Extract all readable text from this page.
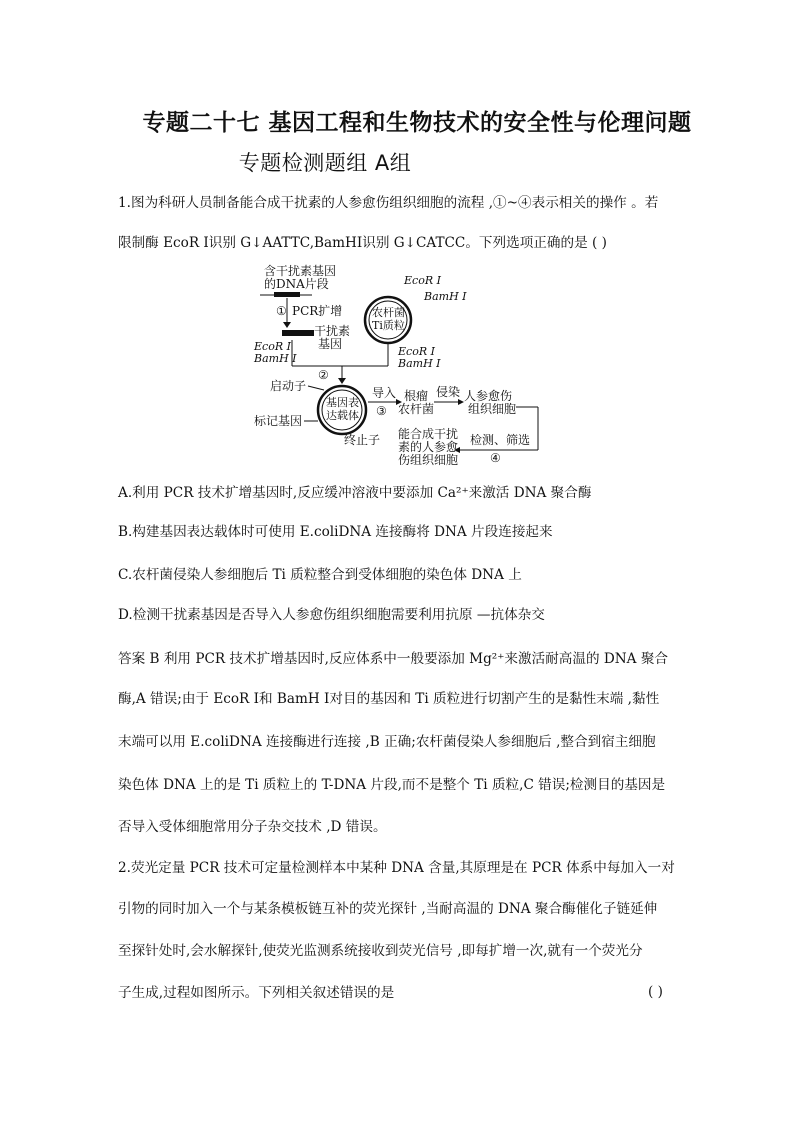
专题二十七 基因工程和生物技术的安全性与伦理问题
专题检测题组 A组
1.图为科研人员制备能合成干扰素的人参愈伤组织细胞的流程 ,①~④表示相关的操作 。若
限制酶 EcoR Ⅰ识别 G↓AATTC,BamHⅠ识别 G↓CATCC。下列选项正确的是 ( )
含干扰素基因
的DNA片段
① PCR扩增
干扰素
基因
EcoR Ⅰ
BamH Ⅰ
农杆菌
Ti质粒
EcoR Ⅰ
BamH Ⅰ
EcoR Ⅰ
BamH Ⅰ
②
基因表
达载体
启动子
标记基因
终止子
导入
③
根瘤
农杆菌
侵染 人参愈伤
组织细胞
检测、筛选
④
能合成干扰
素的人参愈
伤组织细胞
A.利用 PCR 技术扩增基因时,反应缓冲溶液中要添加 Ca²⁺来激活 DNA 聚合酶
B.构建基因表达载体时可使用 E.coliDNA 连接酶将 DNA 片段连接起来
C.农杆菌侵染人参细胞后 Ti 质粒整合到受体细胞的染色体 DNA 上
D.检测干扰素基因是否导入人参愈伤组织细胞需要利用抗原 —抗体杂交
答案 B 利用 PCR 技术扩增基因时,反应体系中一般要添加 Mg²⁺来激活耐高温的 DNA 聚合
酶,A 错误;由于 EcoR Ⅰ和 BamH Ⅰ对目的基因和 Ti 质粒进行切割产生的是黏性末端 ,黏性
末端可以用 E.coliDNA 连接酶进行连接 ,B 正确;农杆菌侵染人参细胞后 ,整合到宿主细胞
染色体 DNA 上的是 Ti 质粒上的 T-DNA 片段,而不是整个 Ti 质粒,C 错误;检测目的基因是
否导入受体细胞常用分子杂交技术 ,D 错误。
2.荧光定量 PCR 技术可定量检测样本中某种 DNA 含量,其原理是在 PCR 体系中每加入一对
引物的同时加入一个与某条模板链互补的荧光探针 ,当耐高温的 DNA 聚合酶催化子链延伸
至探针处时,会水解探针,使荧光监测系统接收到荧光信号 ,即每扩增一次,就有一个荧光分
子生成,过程如图所示。下列相关叙述错误的是	( )
